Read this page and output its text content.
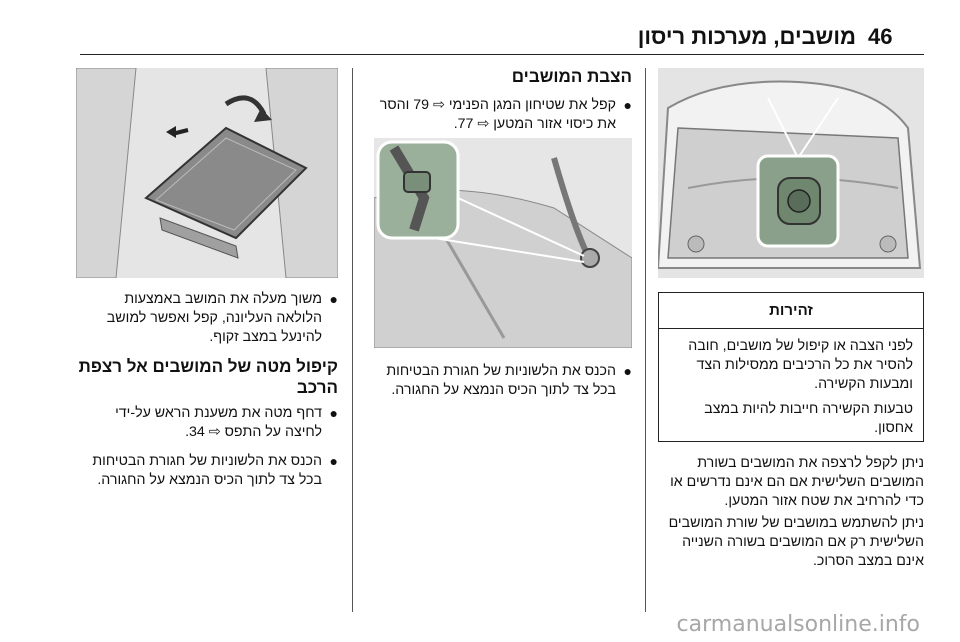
46
מושבים, מערכות ריסון
זהירות

לפני הצבה או קיפול של מושבים, חובה להסיר את כל הרכיבים ממסילות הצד ומבעות הקשירה.

טבעות הקשירה חייבות להיות במצב אחסון.

ניתן לקפל לרצפה את המושבים בשורת המושבים השלישית אם הם אינם נדרשים או כדי להרחיב את שטח אזור המטען.
ניתן להשתמש במושבים של שורת המושבים השלישית רק אם המושבים בשורה השנייה אינם במצב הסרוכ.
הצבת המושבים
●
קפל את שטיחון המגן הפנימי ⇨ 79 והסר את כיסוי אזור המטען ⇨ 77.
●
הכנס את הלשוניות של חגורת הבטיחות בכל צד לתוך הכיס הנמצא על החגורה.
●
משוך מעלה את המושב באמצעות הלולאה העליונה, קפל ואפשר למושב להינעל במצב זקוף.
קיפול מטה של המושבים אל רצפת הרכב
●
דחף מטה את משענת הראש על-ידי לחיצה על התפס ⇨ 34.
●
הכנס את הלשוניות של חגורת הבטיחות בכל צד לתוך הכיס הנמצא על החגורה.
carmanualsonline.info
